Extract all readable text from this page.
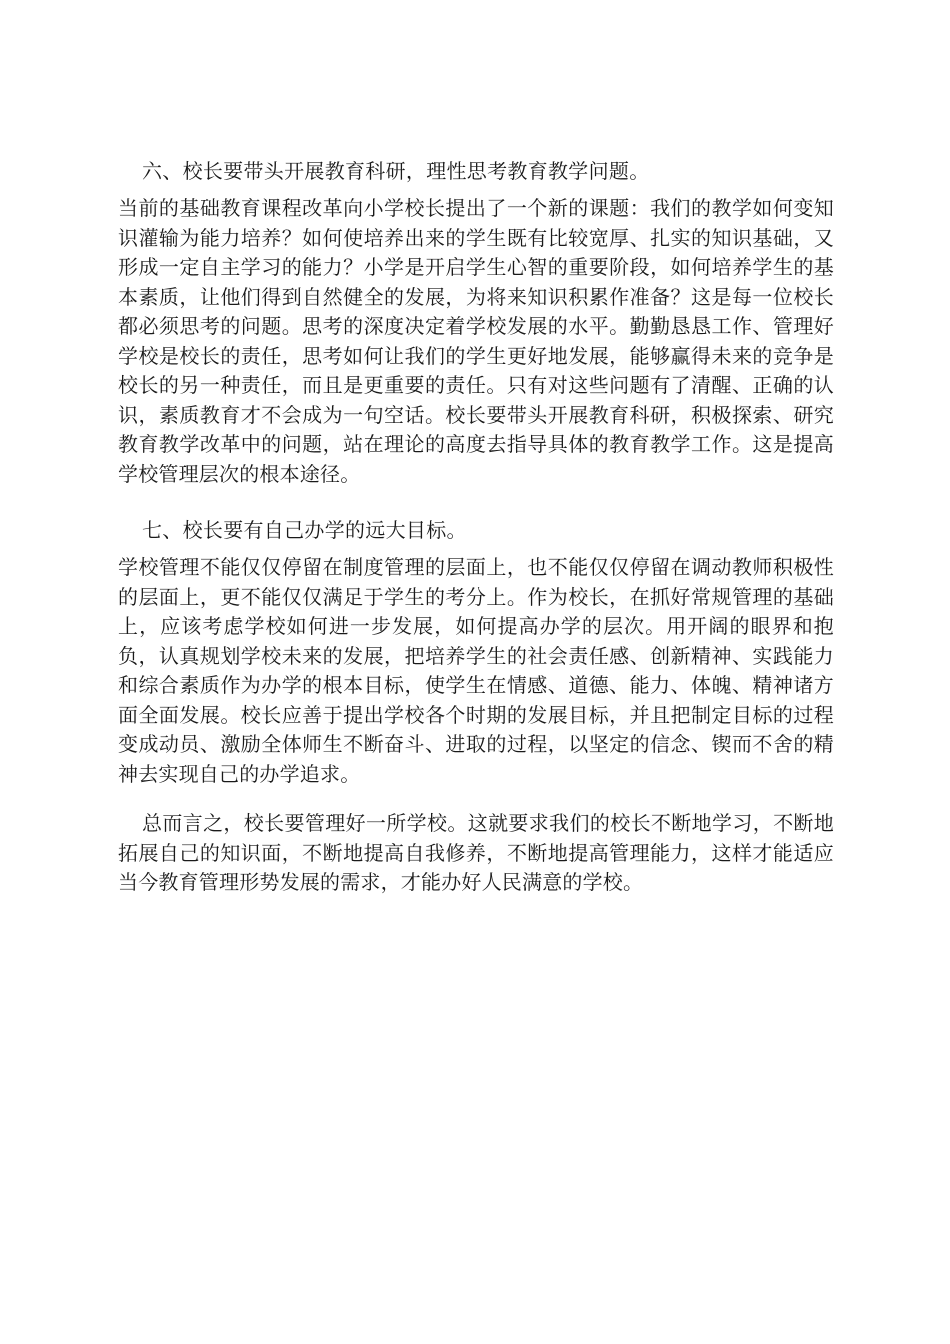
六、校长要带头开展教育科研，理性思考教育教学问题。

当前的基础教育课程改革向小学校长提出了一个新的课题：我们的教学如何变知识灌输为能力培养？如何使培养出来的学生既有比较宽厚、扎实的知识基础，又形成一定自主学习的能力？小学是开启学生心智的重要阶段，如何培养学生的基本素质，让他们得到自然健全的发展，为将来知识积累作准备？这是每一位校长都必须思考的问题。思考的深度决定着学校发展的水平。勤勤恳恳工作、管理好学校是校长的责任，思考如何让我们的学生更好地发展，能够赢得未来的竞争是校长的另一种责任，而且是更重要的责任。只有对这些问题有了清醒、正确的认识，素质教育才不会成为一句空话。校长要带头开展教育科研，积极探索、研究教育教学改革中的问题，站在理论的高度去指导具体的教育教学工作。这是提高学校管理层次的根本途径。

七、校长要有自己办学的远大目标。

学校管理不能仅仅停留在制度管理的层面上，也不能仅仅停留在调动教师积极性的层面上，更不能仅仅满足于学生的考分上。作为校长，在抓好常规管理的基础上，应该考虑学校如何进一步发展，如何提高办学的层次。用开阔的眼界和抱负，认真规划学校未来的发展，把培养学生的社会责任感、创新精神、实践能力和综合素质作为办学的根本目标，使学生在情感、道德、能力、体魄、精神诸方面全面发展。校长应善于提出学校各个时期的发展目标，并且把制定目标的过程变成动员、激励全体师生不断奋斗、进取的过程，以坚定的信念、锲而不舍的精神去实现自己的办学追求。

总而言之，校长要管理好一所学校。这就要求我们的校长不断地学习，不断地拓展自己的知识面，不断地提高自我修养，不断地提高管理能力，这样才能适应当今教育管理形势发展的需求，才能办好人民满意的学校。
